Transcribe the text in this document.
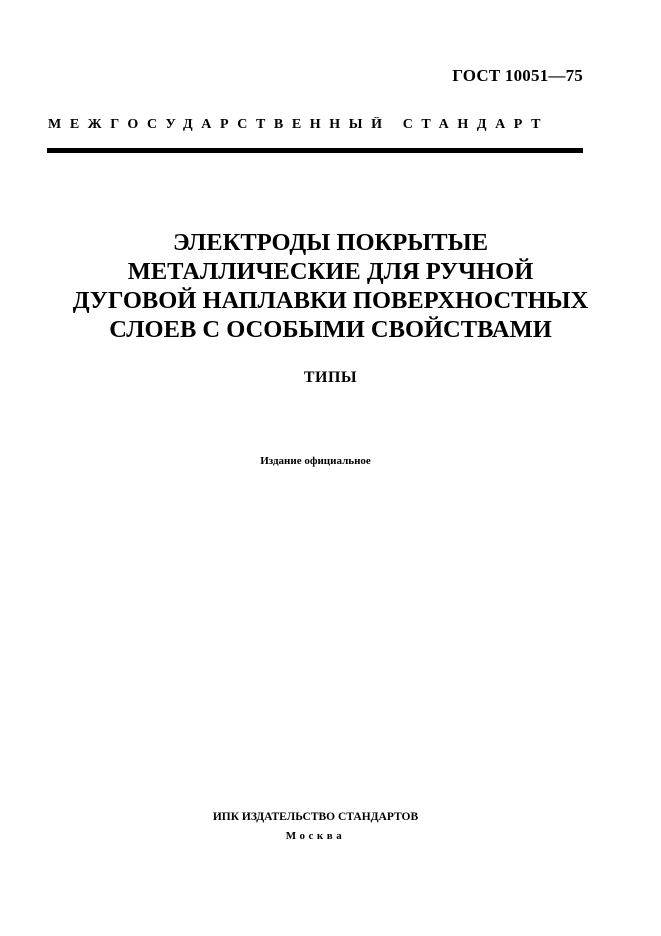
ГОСТ 10051—75
МЕЖГОСУДАРСТВЕННЫЙ СТАНДАРТ
ЭЛЕКТРОДЫ ПОКРЫТЫЕ
МЕТАЛЛИЧЕСКИЕ ДЛЯ РУЧНОЙ
ДУГОВОЙ НАПЛАВКИ ПОВЕРХНОСТНЫХ
СЛОЕВ С ОСОБЫМИ СВОЙСТВАМИ
ТИПЫ
Издание официальное
ИПК ИЗДАТЕЛЬСТВО СТАНДАРТОВ
Москва
